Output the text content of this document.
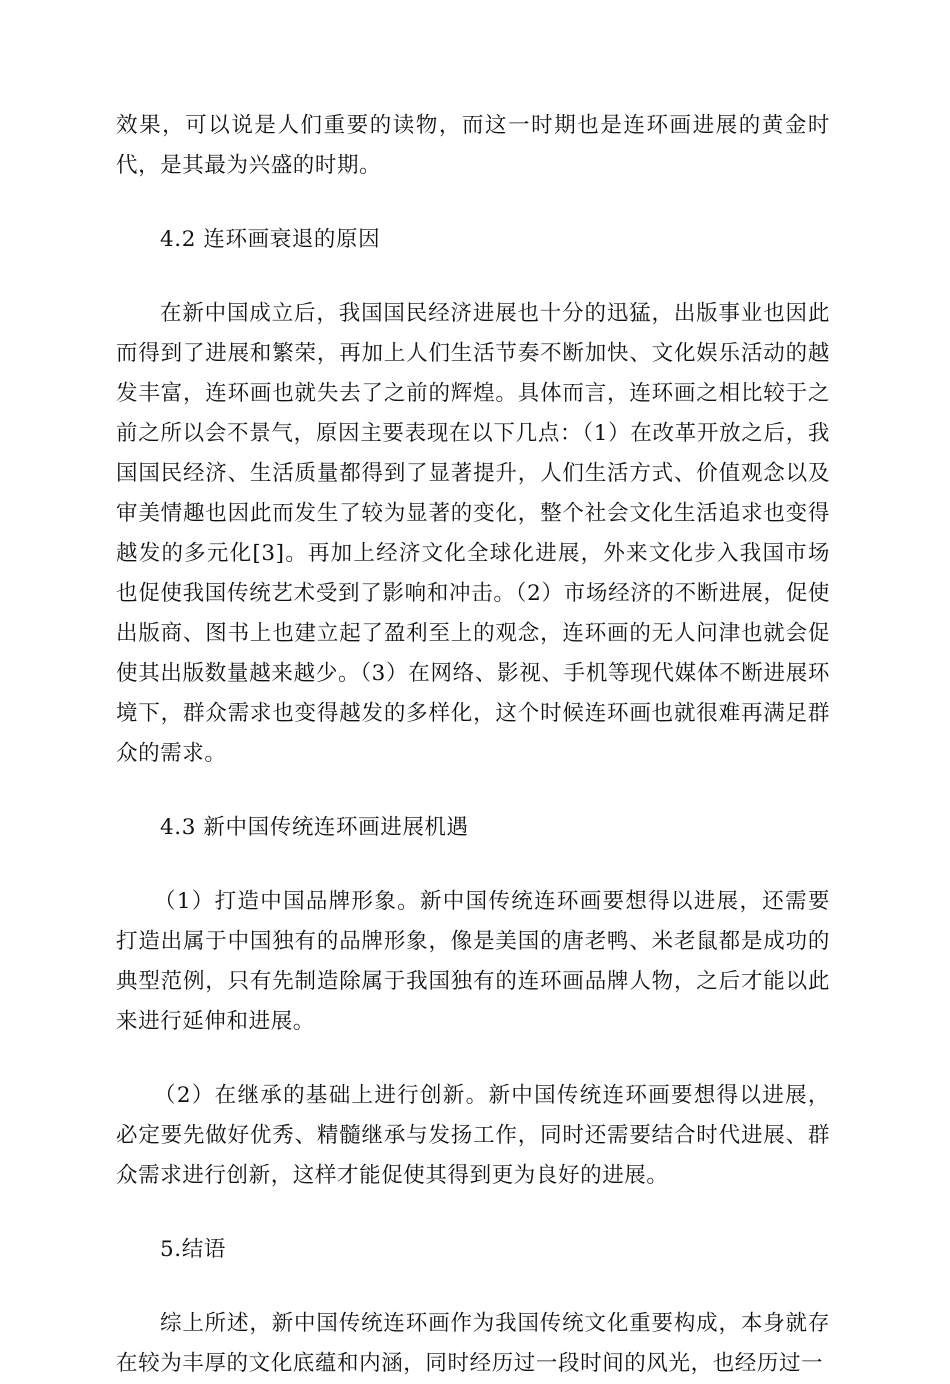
效果，可以说是人们重要的读物，而这一时期也是连环画进展的黄金时代，是其最为兴盛的时期。

4.2 连环画衰退的原因

在新中国成立后，我国国民经济进展也十分的迅猛，出版事业也因此而得到了进展和繁荣，再加上人们生活节奏不断加快、文化娱乐活动的越发丰富，连环画也就失去了之前的辉煌。具体而言，连环画之相比较于之前之所以会不景气，原因主要表现在以下几点：（1）在改革开放之后，我国国民经济、生活质量都得到了显著提升，人们生活方式、价值观念以及审美情趣也因此而发生了较为显著的变化，整个社会文化生活追求也变得越发的多元化[3]。再加上经济文化全球化进展，外来文化步入我国市场也促使我国传统艺术受到了影响和冲击。（2）市场经济的不断进展，促使出版商、图书上也建立起了盈利至上的观念，连环画的无人问津也就会促使其出版数量越来越少。（3）在网络、影视、手机等现代媒体不断进展环境下，群众需求也变得越发的多样化，这个时候连环画也就很难再满足群众的需求。

4.3 新中国传统连环画进展机遇

（1）打造中国品牌形象。新中国传统连环画要想得以进展，还需要打造出属于中国独有的品牌形象，像是美国的唐老鸭、米老鼠都是成功的典型范例，只有先制造除属于我国独有的连环画品牌人物，之后才能以此来进行延伸和进展。

（2）在继承的基础上进行创新。新中国传统连环画要想得以进展，必定要先做好优秀、精髓继承与发扬工作，同时还需要结合时代进展、群众需求进行创新，这样才能促使其得到更为良好的进展。

5.结语

综上所述，新中国传统连环画作为我国传统文化重要构成，本身就存在较为丰厚的文化底蕴和内涵，同时经历过一段时间的风光，也经历过一
